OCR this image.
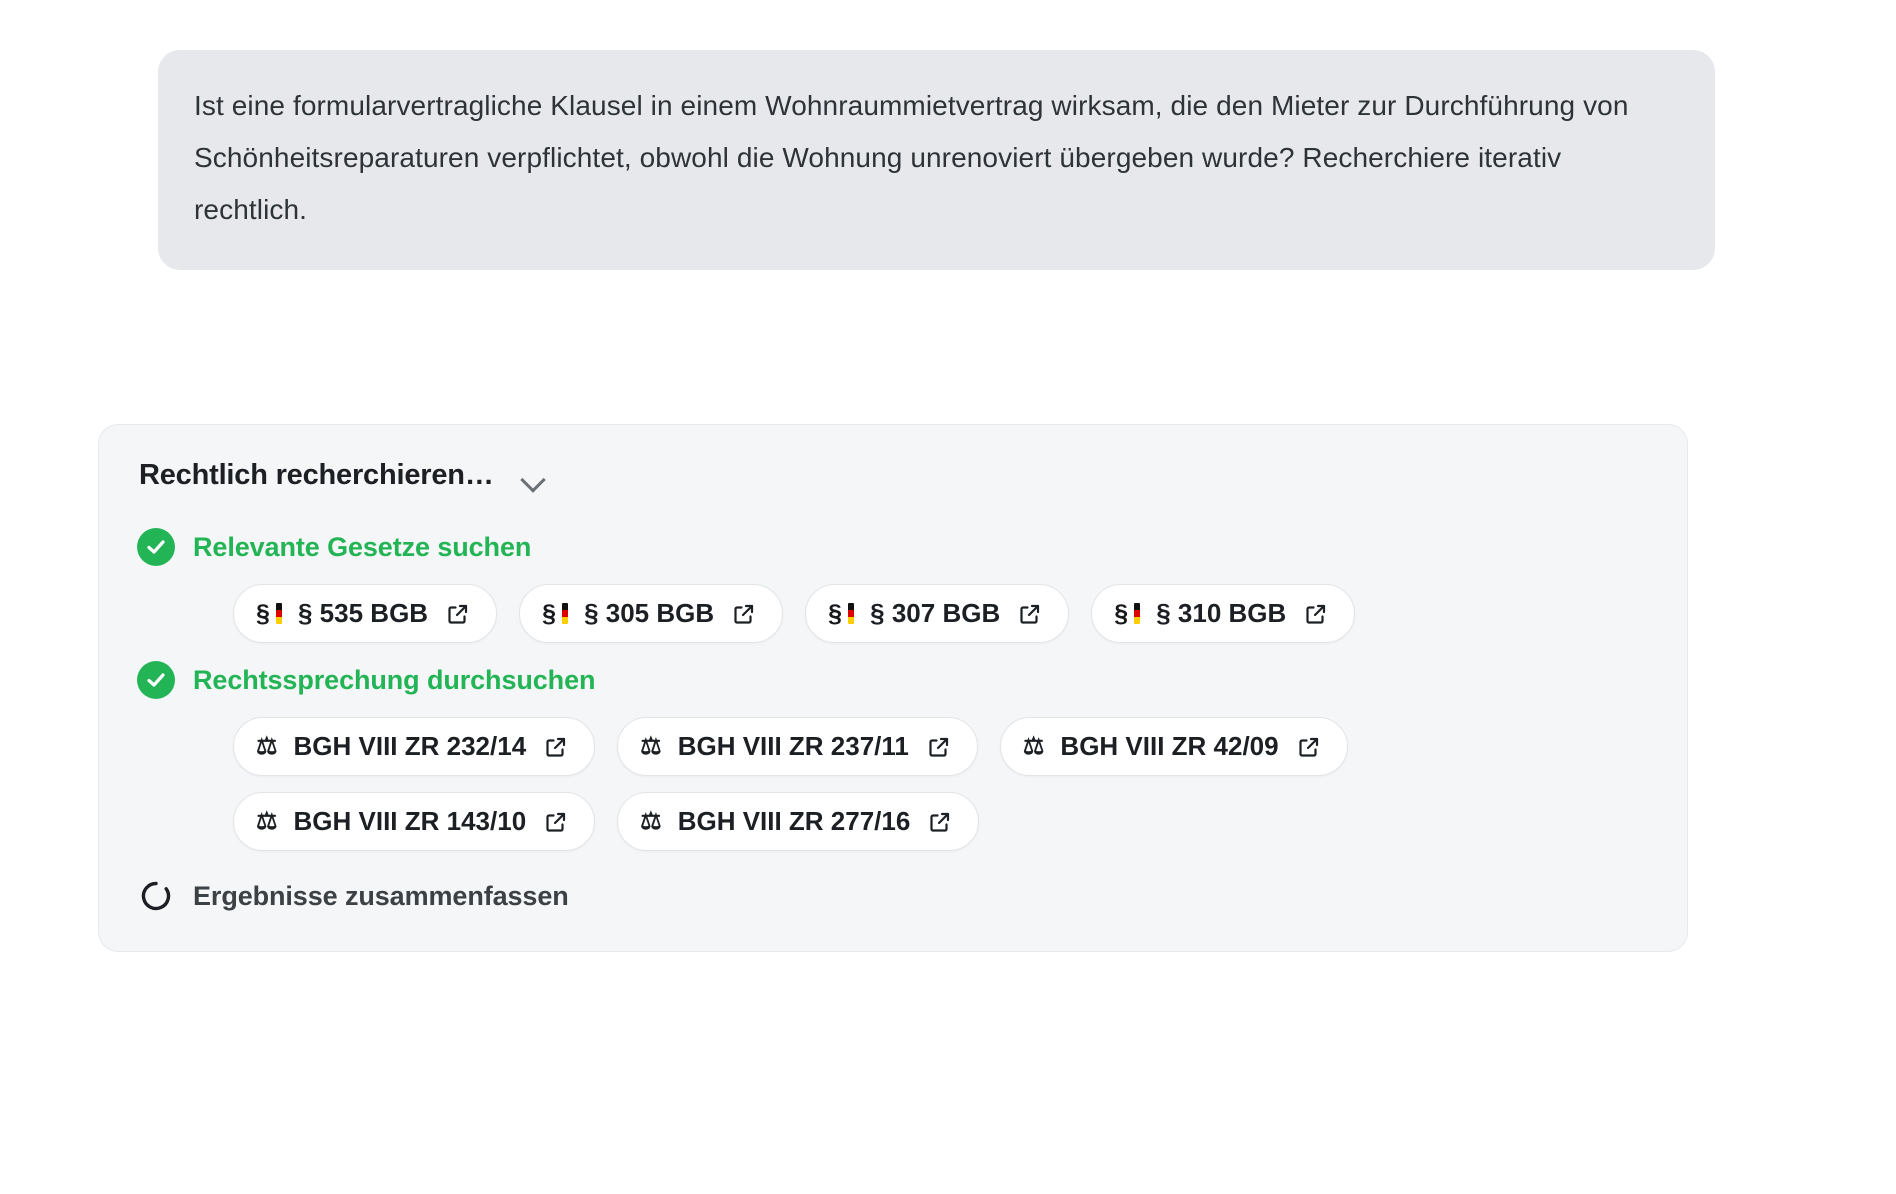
Ist eine formularvertragliche Klausel in einem Wohnraummietvertrag wirksam, die den Mieter zur Durchführung von Schönheitsreparaturen verpflichtet, obwohl die Wohnung unrenoviert übergeben wurde? Recherchiere iterativ rechtlich.

Rechtlich recherchieren…
Relevante Gesetze suchen
§ § 535 BGB	§ § 305 BGB	§ § 307 BGB	§ § 310 BGB
Rechtssprechung durchsuchen
⚖ BGH VIII ZR 232/14	⚖ BGH VIII ZR 237/11	⚖ BGH VIII ZR 42/09
⚖ BGH VIII ZR 143/10	⚖ BGH VIII ZR 277/16
Ergebnisse zusammenfassen
